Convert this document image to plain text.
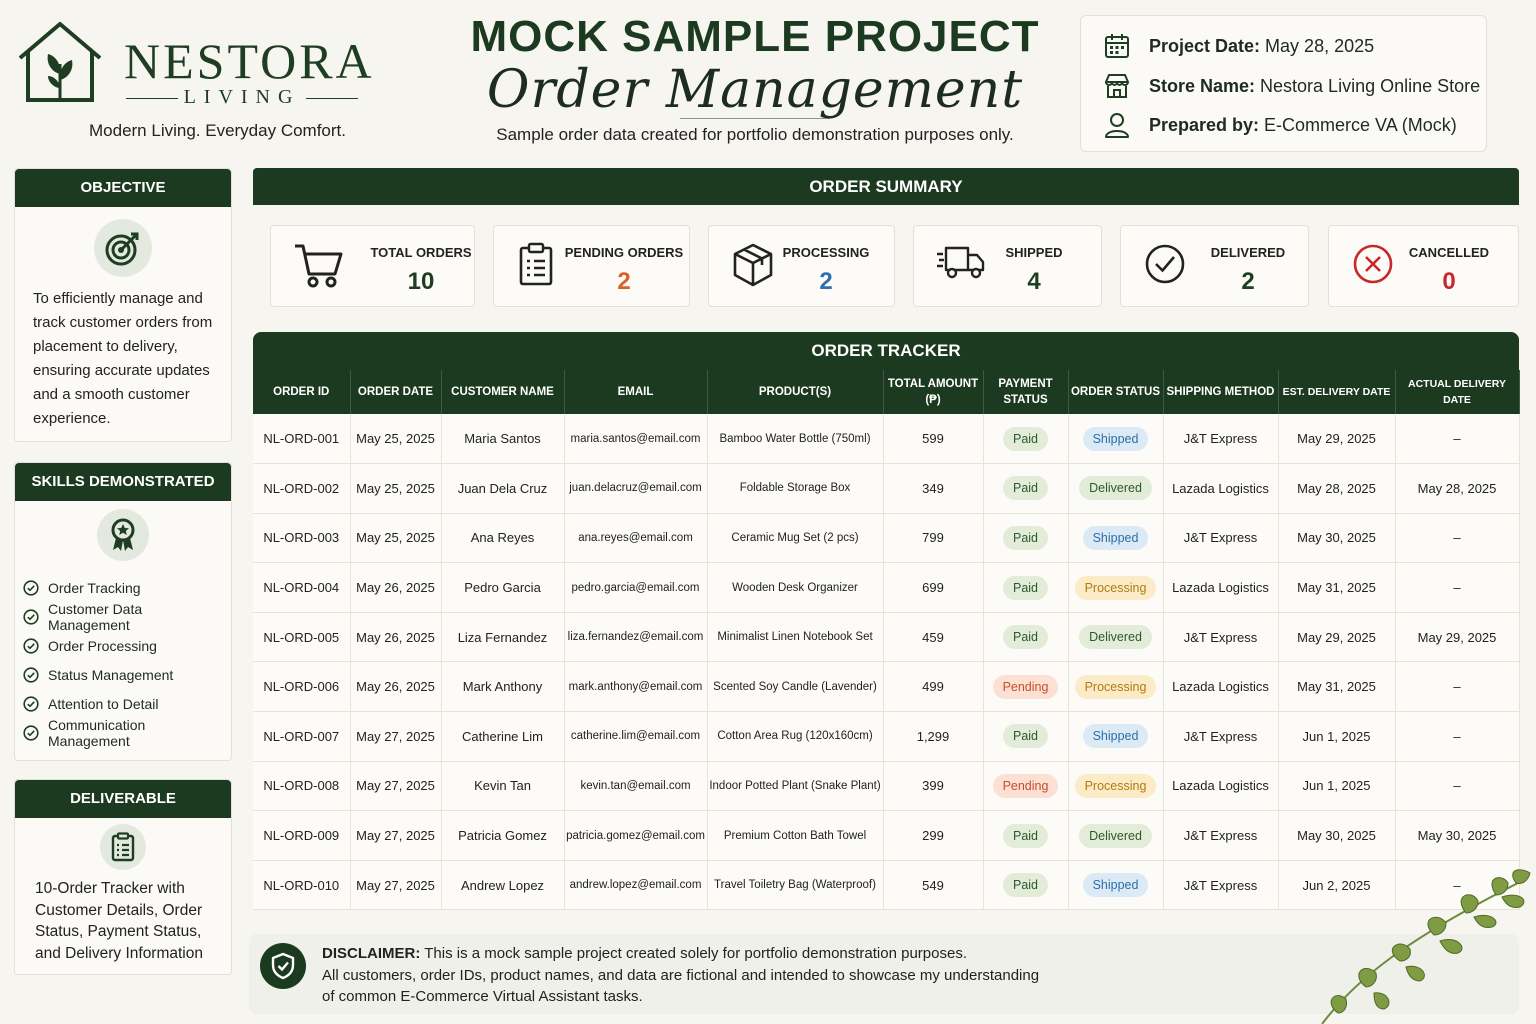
NESTORA
LIVING
Modern Living. Everyday Comfort.
MOCK SAMPLE PROJECT
Order Management
Sample order data created for portfolio demonstration purposes only.
Project Date: May 28, 2025
Store Name: Nestora Living Online Store
Prepared by: E-Commerce VA (Mock)
OBJECTIVE

To efficiently manage and track customer orders from placement to delivery, ensuring accurate updates and a smooth customer experience.

SKILLS DEMONSTRATED
Order Tracking
Customer Data Management
Order Processing
Status Management
Attention to Detail
Communication Management
DELIVERABLE

10-Order Tracker with Customer Details, Order Status, Payment Status, and Delivery Information

ORDER SUMMARY
TOTAL ORDERS
10
PENDING ORDERS
2
PROCESSING
2
SHIPPED
4
DELIVERED
2
CANCELLED
0
ORDER TRACKER
ORDER ID	ORDER DATE	CUSTOMER NAME	EMAIL	PRODUCT(S)	TOTAL AMOUNT (₱)	PAYMENT STATUS	ORDER STATUS	SHIPPING METHOD	EST. DELIVERY DATE	ACTUAL DELIVERY DATE
NL-ORD-001	May 25, 2025	Maria Santos	maria.santos@email.com	Bamboo Water Bottle (750ml)	599	Paid	Shipped	J&T Express	May 29, 2025	–
NL-ORD-002	May 25, 2025	Juan Dela Cruz	juan.delacruz@email.com	Foldable Storage Box	349	Paid	Delivered	Lazada Logistics	May 28, 2025	May 28, 2025
NL-ORD-003	May 25, 2025	Ana Reyes	ana.reyes@email.com	Ceramic Mug Set (2 pcs)	799	Paid	Shipped	J&T Express	May 30, 2025	–
NL-ORD-004	May 26, 2025	Pedro Garcia	pedro.garcia@email.com	Wooden Desk Organizer	699	Paid	Processing	Lazada Logistics	May 31, 2025	–
NL-ORD-005	May 26, 2025	Liza Fernandez	liza.fernandez@email.com	Minimalist Linen Notebook Set	459	Paid	Delivered	J&T Express	May 29, 2025	May 29, 2025
NL-ORD-006	May 26, 2025	Mark Anthony	mark.anthony@email.com	Scented Soy Candle (Lavender)	499	Pending	Processing	Lazada Logistics	May 31, 2025	–
NL-ORD-007	May 27, 2025	Catherine Lim	catherine.lim@email.com	Cotton Area Rug (120x160cm)	1,299	Paid	Shipped	J&T Express	Jun 1, 2025	–
NL-ORD-008	May 27, 2025	Kevin Tan	kevin.tan@email.com	Indoor Potted Plant (Snake Plant)	399	Pending	Processing	Lazada Logistics	Jun 1, 2025	–
NL-ORD-009	May 27, 2025	Patricia Gomez	patricia.gomez@email.com	Premium Cotton Bath Towel	299	Paid	Delivered	J&T Express	May 30, 2025	May 30, 2025
NL-ORD-010	May 27, 2025	Andrew Lopez	andrew.lopez@email.com	Travel Toiletry Bag (Waterproof)	549	Paid	Shipped	J&T Express	Jun 2, 2025	–
DISCLAIMER: This is a mock sample project created solely for portfolio demonstration purposes.
All customers, order IDs, product names, and data are fictional and intended to showcase my understanding
of common E-Commerce Virtual Assistant tasks.
